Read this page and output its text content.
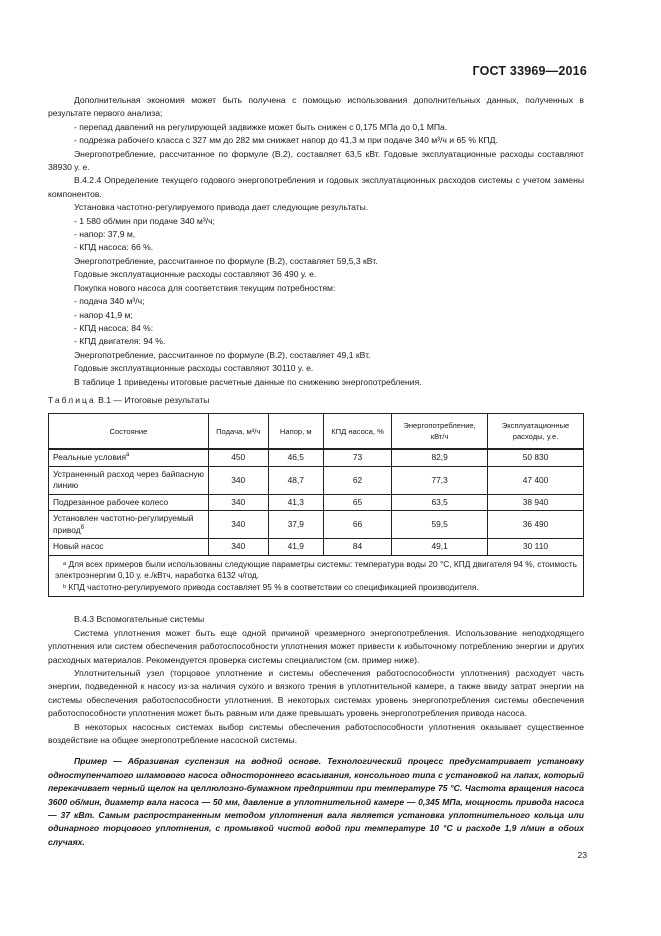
ГОСТ 33969—2016

Дополнительная экономия может быть получена с помощью использования дополнительных данных, полученных в результате первого анализа;

- перепад давлений на регулирующей задвижке может быть снижен с 0,175 МПа до 0,1 МПа.

- подрезка рабочего класса с 327 мм до 282 мм снижает напор до 41,3 м при подаче 340 м³/ч и 65 % КПД.

Энергопотребление, рассчитанное по формуле (В.2), составляет 63,5 кВт. Годовые эксплуатационные расходы составляют 38930 у. е.

В.4.2.4 Определение текущего годового энергопотребления и годовых эксплуатационных расходов системы с учетом замены компонентов.

Установка частотно-регулируемого привода дает следующие результаты.

- 1 580 об/мин при подаче 340 м³/ч;

- напор: 37,9 м,

- КПД насоса: 66 %.

Энергопотребление, рассчитанное по формуле (В.2), составляет 59,5,3 кВт.

Годовые эксплуатационные расходы составляют 36 490 у. е.

Покупка нового насоса для соответствия текущим потребностям:

- подача 340 м³/ч;

- напор 41,9 м;

- КПД насоса: 84 %:

- КПД двигателя: 94 %.

Энергопотребление, рассчитанное по формуле (В.2), составляет 49,1 кВт.

Годовые эксплуатационные расходы составляют 30110 у. е.

В таблице 1 приведены итоговые расчетные данные по снижению энергопотребления.

Таблица В.1 — Итоговые результаты

Состояние	Подача, м³/ч	Напор, м	КПД насоса, %	Энергопотребление, кВт/ч	Эксплуатационные расходы, у.е.
Реальные условия$^a$	450	46,5	73	82,9	50 830
Устраненный расход через байпасную линию	340	48,7	62	77,3	47 400
Подрезанное рабочее колесо	340	41,3	65	63,5	38 940
Установлен частотно-регулируемый привод$^б$	340	37,9	66	59,5	36 490
Новый насос	340	41,9	84	49,1	30 110

ᵃ Для всех примеров были использованы следующие параметры системы: температура воды 20 °C, КПД двигателя 94 %, стоимость электроэнергии 0,10 у. е./кВтч, наработка 6132 ч/год.
ᵇ КПД частотно-регулируемого привода составляет 95 % в соответствии со спецификацией производителя.					

В.4.3 Вспомогательные системы

Система уплотнения может быть еще одной причиной чрезмерного энергопотребления. Использование неподходящего уплотнения или систем обеспечения работоспособности уплотнения может привести к избыточному потреблению энергии и других расходных материалов. Рекомендуется проверка системы специалистом (см. пример ниже).

Уплотнительный узел (торцовое уплотнение и системы обеспечения работоспособности уплотнения) расходует часть энергии, подведенной к насосу из-за наличия сухого и вязкого трения в уплотнительной камере, а также ввиду затрат энергии на системы обеспечения работоспособности уплотнения. В некоторых системах уровень энергопотребления системы обеспечения работоспособности уплотнения может быть равным или даже превышать уровень энергопотребления привода насоса.

В некоторых насосных системах выбор системы обеспечения работоспособности уплотнения оказывает существенное воздействие на общее энергопотребление насосной системы.

Пример — Абразивная суспензия на водной основе. Технологический процесс предусматривает установку одноступенчатого шламового насоса одностороннего всасывания, консольного типа с установкой на лапах, который перекачивает черный щелок на целлюлозно-бумажном предприятии при температуре 75 °С. Частота вращения насоса 3600 об/мин, диаметр вала насоса — 50 мм, давление в уплотнительной камере — 0,345 МПа, мощность привода насоса — 37 кВт. Самым распространенным методом уплотнения вала является установка уплотнительного кольца или одинарного торцового уплотнения, с промывкой чистой водой при температуре 10 °С и расходе 1,9 л/мин в обоих случаях.

23
